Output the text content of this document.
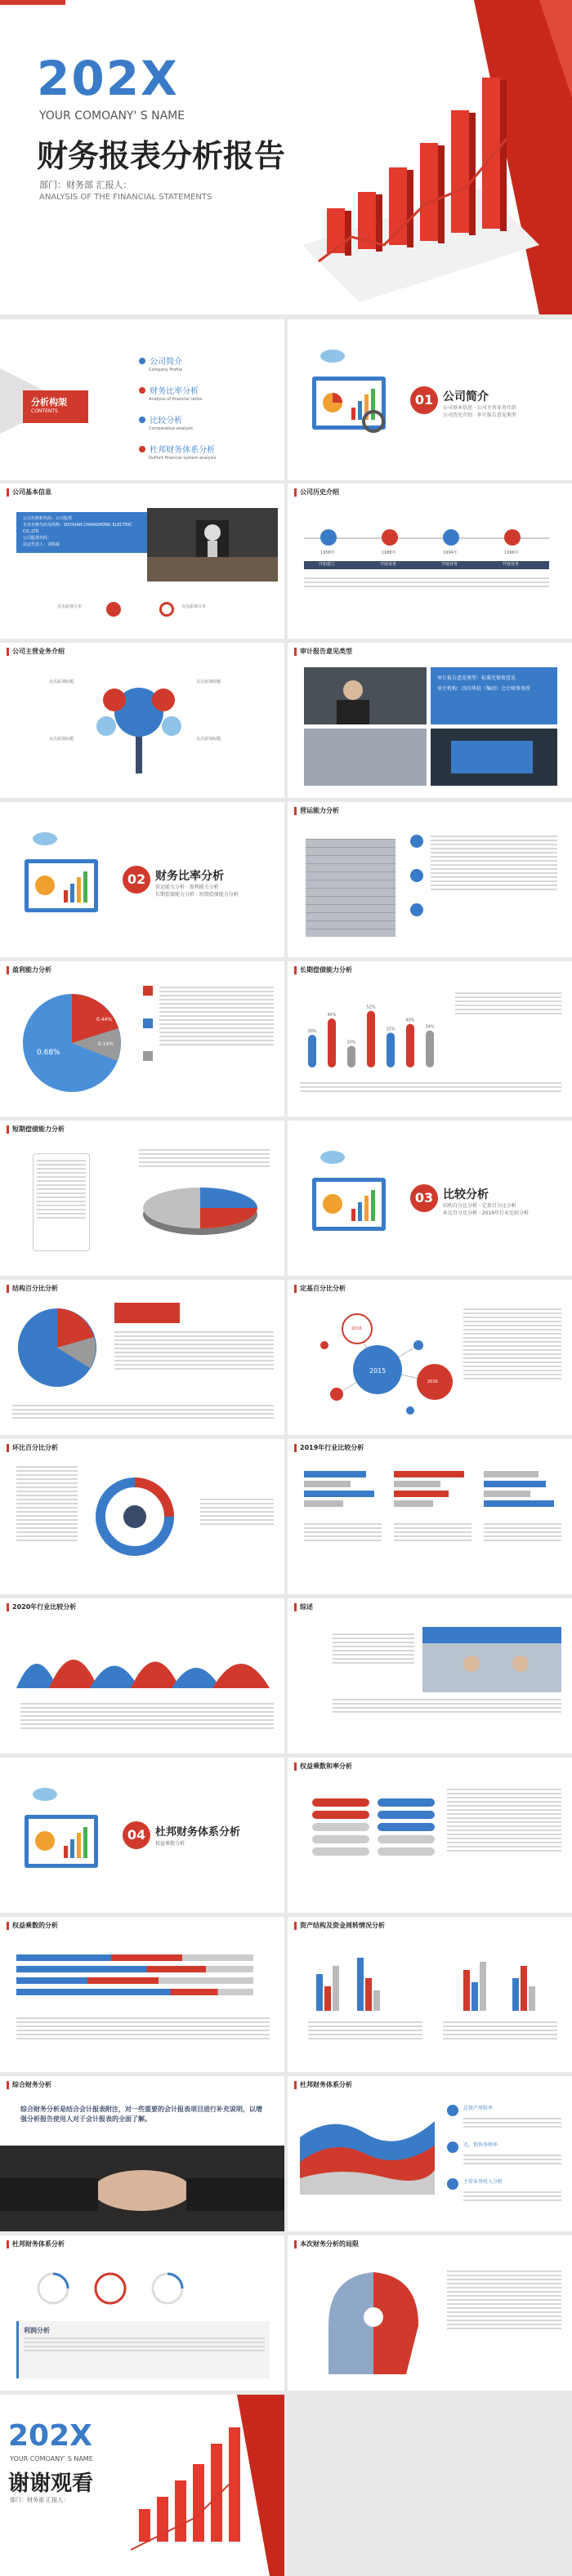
202X
YOUR COMOANY' S NAME
财务报表分析报告
部门：财务部 汇报人：
ANALYSIS OF THE FINANCIAL STATEMENTS
分析构架
CONTENTS
公司简介
Company Profile
财务比率分析
Analysis of financial ratios
比较分析
Comparative analysis
杜邦财务体系分析
DuPont financial system analysis
01 公司简介
公司基本信息 · 公司主营业务介绍
公司历史介绍 · 审计报告意见类型
公司基本信息
公司名称和代码：公司股票
企业名称代码及简称：SICHUAN CHANGHONG ELECTRIC CO.,LTD
公司股票代码：
法定代表人：刘体斌
点击添加文本	点击添加文本
公司历史介绍
1958年	1988年	1994年	1996年
开始建立	开展业务	开展业务	开展业务
公司主营业务介绍
点击添加标题	点击添加标题
点击添加标题	点击添加标题
审计报告意见类型
审计报告意见类型：标准无保留意见
审计机构：四川华信（集团）会计师事务所
02 财务比率分析
营运能力分析 · 盈利能力分析
长期偿债能力分析 · 短期偿债能力分析
营运能力分析
盈利能力分析
0.68%
0.44%
0.14%
长期偿债能力分析
30%
45%
20%
52%
32%
40%
34%
短期偿债能力分析
03 比较分析
结构百分比分析 · 定基百分比分析
环比百分比分析 · 2019年行业比较分析
结构百分比分析	定基百分比分析
2016
2015
2016
环比百分比分析	2019年行业比较分析
2020年行业比较分析	综述
04 杜邦财务体系分析
权益乘数分析
权益乘数和率分析
权益乘数的分析	资产结构及资金周转情况分析
综合财务分析
综合财务分析是结合会计报表附注，对一些重要的会计报表项目进行补充说明，以增强分析报告使用人对于会计报表的全面了解。
杜邦财务体系分析
总资产周转率
毛、销售净利率
主营业务收入分析
杜邦财务体系分析
利润分析
本次财务分析的局限
202X
YOUR COMOANY' S NAME
谢谢观看
部门：财务部 汇报人：
